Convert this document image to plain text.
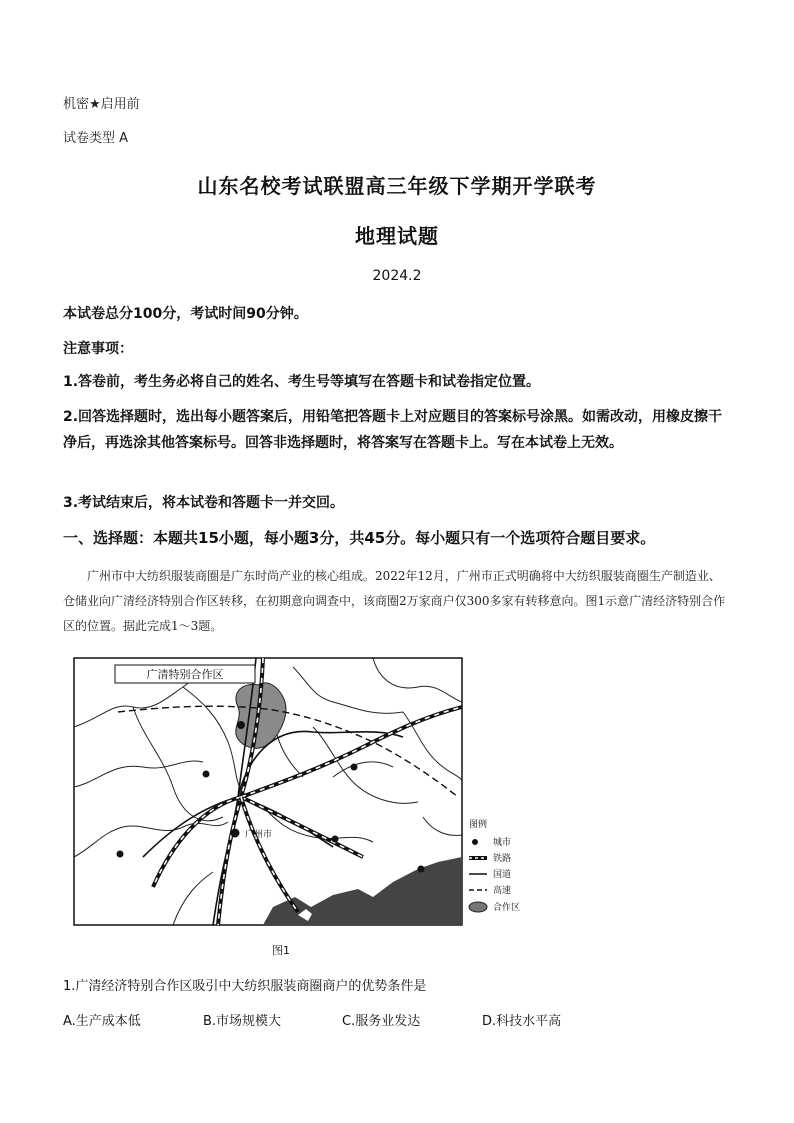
机密★启用前
试卷类型 A
山东名校考试联盟高三年级下学期开学联考
地理试题
2024.2
本试卷总分100分，考试时间90分钟。
注意事项：
1.答卷前，考生务必将自己的姓名、考生号等填写在答题卡和试卷指定位置。
2.回答选择题时，选出每小题答案后，用铅笔把答题卡上对应题目的答案标号涂黑。如需改动，用橡皮擦干净后，再选涂其他答案标号。回答非选择题时，将答案写在答题卡上。写在本试卷上无效。
3.考试结束后，将本试卷和答题卡一并交回。
一、选择题：本题共15小题，每小题3分，共45分。每小题只有一个选项符合题目要求。
广州市中大纺织服装商圈是广东时尚产业的核心组成。2022年12月，广州市正式明确将中大纺织服装商圈生产制造业、仓储业向广清经济特别合作区转移，在初期意向调查中，该商圈2万家商户仅300多家有转移意向。图1示意广清经济特别合作区的位置。据此完成1～3题。
广清特别合作区
广州市
图例
城市
铁路
国道
高速
合作区
图1
1.广清经济特别合作区吸引中大纺织服装商圈商户的优势条件是
A.生产成本低	B.市场规模大	C.服务业发达	D.科技水平高
